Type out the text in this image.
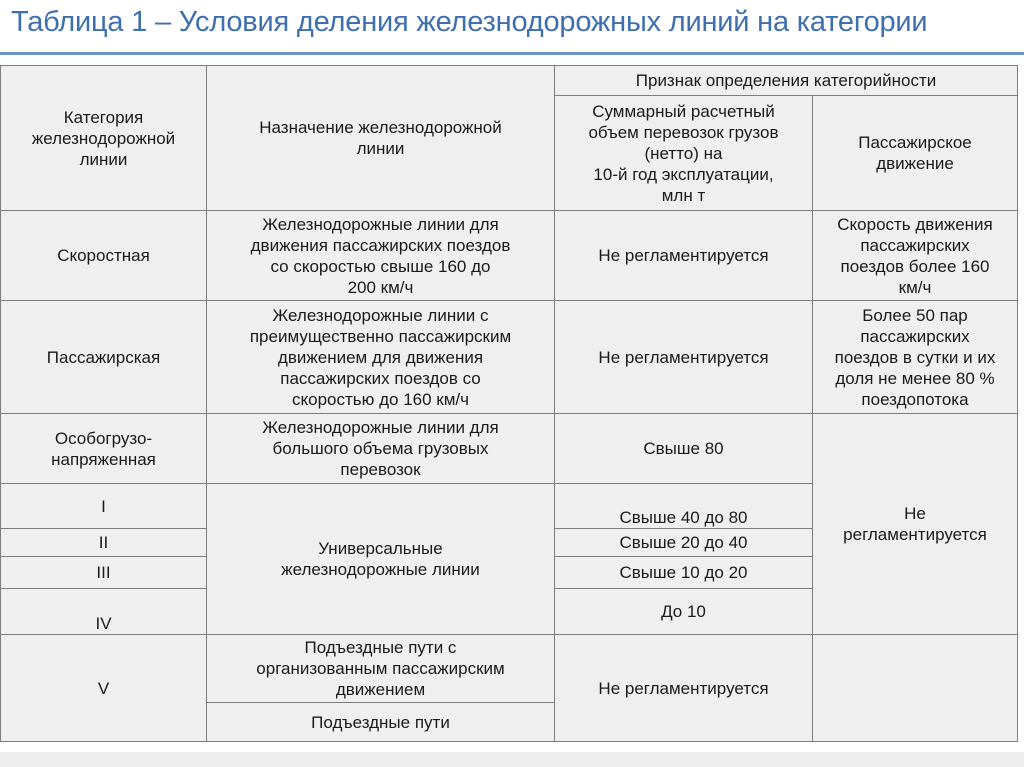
Таблица 1 – Условия деления железнодорожных линий на категории
Категория
железнодорожной
линии	Назначение железнодорожной
линии	Признак определения категорийности	
		Суммарный расчетный
объем перевозок грузов
(нетто) на
10-й год эксплуатации,
млн т	Пассажирское
движение
Скоростная	Железнодорожные линии для
движения пассажирских поездов
со скоростью свыше 160 до
200 км/ч	Не регламентируется	Скорость движения
пассажирских
поездов более 160
км/ч
Пассажирская	Железнодорожные линии с
преимущественно пассажирским
движением для движения
пассажирских поездов со
скоростью до 160 км/ч	Не регламентируется	Более 50 пар
пассажирских
поездов в сутки и их
доля не менее 80 %
поездопотока
Особогрузо-
напряженная	Железнодорожные линии для
большого объема грузовых
перевозок	Свыше 80	Не
регламентируется
I	Универсальные
железнодорожные линии	Свыше 40 до 80	
II		Свыше 20 до 40	
III		Свыше 10 до 20	
IV		До 10	
V	Подъездные пути с
организованным пассажирским
движением	Не регламентируется	
	Подъездные пути		
